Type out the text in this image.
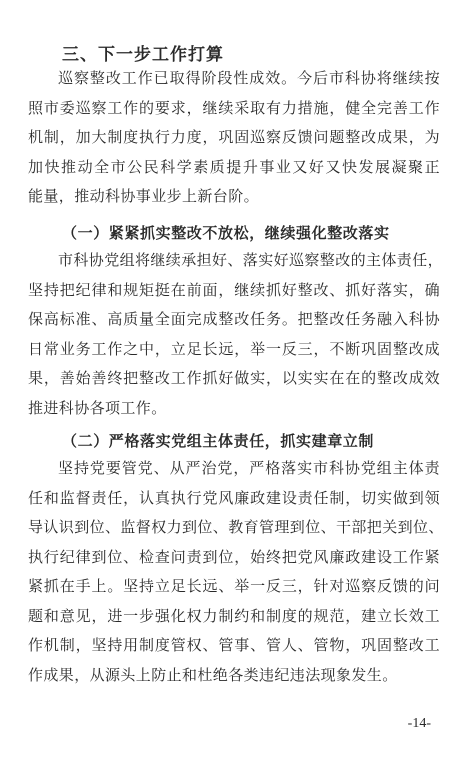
三、下一步工作打算
巡察整改工作已取得阶段性成效。今后市科协将继续按
照市委巡察工作的要求，继续采取有力措施，健全完善工作
机制，加大制度执行力度，巩固巡察反馈问题整改成果，为
加快推动全市公民科学素质提升事业又好又快发展凝聚正
能量，推动科协事业步上新台阶。
（一）紧紧抓实整改不放松，继续强化整改落实
市科协党组将继续承担好、落实好巡察整改的主体责任，
坚持把纪律和规矩挺在前面，继续抓好整改、抓好落实，确
保高标准、高质量全面完成整改任务。把整改任务融入科协
日常业务工作之中，立足长远，举一反三，不断巩固整改成
果，善始善终把整改工作抓好做实，以实实在在的整改成效
推进科协各项工作。
（二）严格落实党组主体责任，抓实建章立制
坚持党要管党、从严治党，严格落实市科协党组主体责
任和监督责任，认真执行党风廉政建设责任制，切实做到领
导认识到位、监督权力到位、教育管理到位、干部把关到位、
执行纪律到位、检查问责到位，始终把党风廉政建设工作紧
紧抓在手上。坚持立足长远、举一反三，针对巡察反馈的问
题和意见，进一步强化权力制约和制度的规范，建立长效工
作机制，坚持用制度管权、管事、管人、管物，巩固整改工
作成果，从源头上防止和杜绝各类违纪违法现象发生。
-14-
